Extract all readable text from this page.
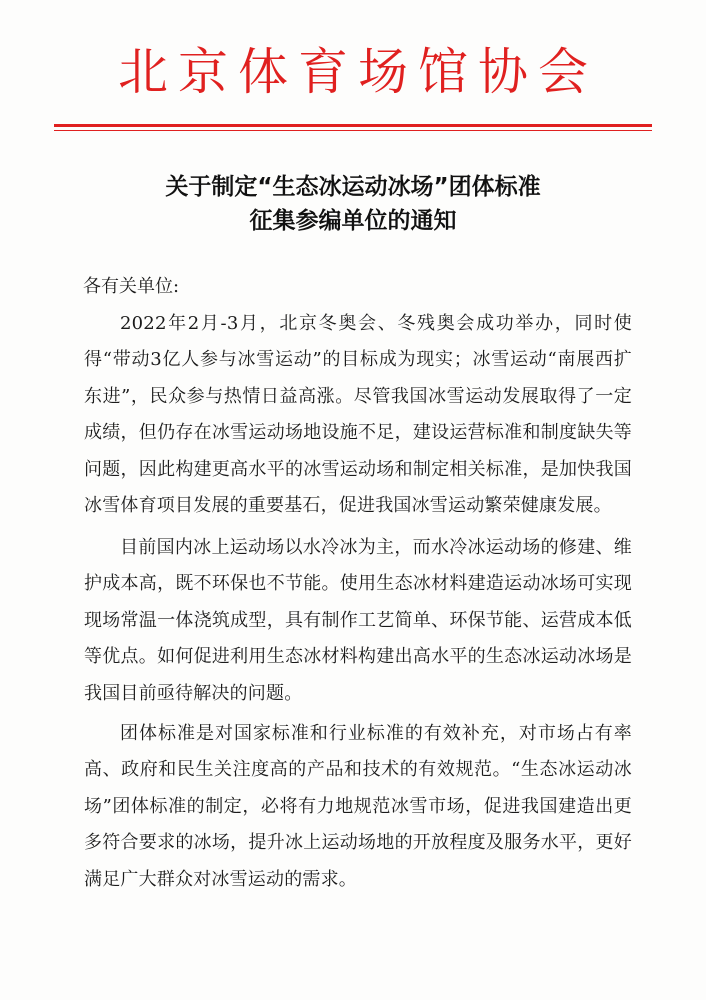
北京体育场馆协会
关于制定“生态冰运动冰场”团体标准
征集参编单位的通知
各有关单位:
2022年2月-3月，北京冬奥会、冬残奥会成功举办，同时使得“带动3亿人参与冰雪运动”的目标成为现实；冰雪运动“南展西扩东进”，民众参与热情日益高涨。尽管我国冰雪运动发展取得了一定成绩，但仍存在冰雪运动场地设施不足，建设运营标准和制度缺失等问题，因此构建更高水平的冰雪运动场和制定相关标准，是加快我国冰雪体育项目发展的重要基石，促进我国冰雪运动繁荣健康发展。
目前国内冰上运动场以水冷冰为主，而水冷冰运动场的修建、维护成本高，既不环保也不节能。使用生态冰材料建造运动冰场可实现现场常温一体浇筑成型，具有制作工艺简单、环保节能、运营成本低等优点。如何促进利用生态冰材料构建出高水平的生态冰运动冰场是我国目前亟待解决的问题。
团体标准是对国家标准和行业标准的有效补充，对市场占有率高、政府和民生关注度高的产品和技术的有效规范。“生态冰运动冰场”团体标准的制定，必将有力地规范冰雪市场，促进我国建造出更多符合要求的冰场，提升冰上运动场地的开放程度及服务水平，更好满足广大群众对冰雪运动的需求。
